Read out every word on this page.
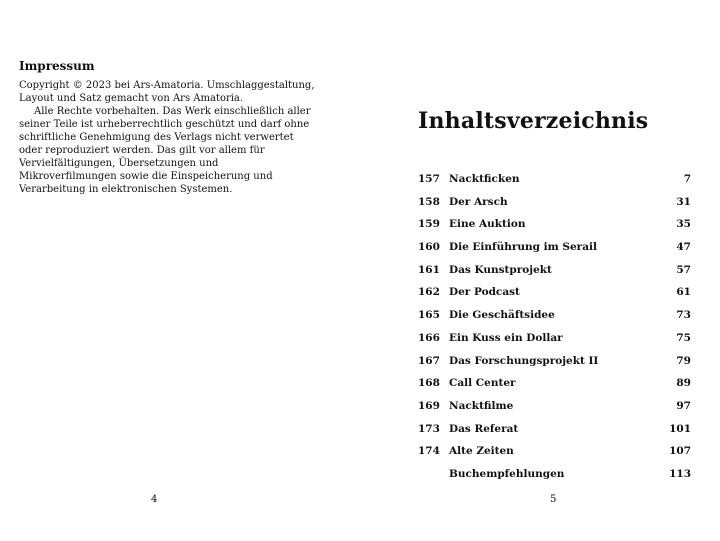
Impressum

Copyright © 2023 bei Ars-Amatoria. Umschlaggestaltung, Layout und Satz gemacht von Ars Amatoria.

Alle Rechte vorbehalten. Das Werk einschließlich aller seiner Teile ist urheberrechtlich geschützt und darf ohne schriftliche Genehmigung des Verlags nicht verwertet oder reproduziert werden. Das gilt vor allem für Vervielfältigungen, Übersetzungen und Mikroverfilmungen sowie die Einspeicherung und Verarbeitung in elektronischen Systemen.

4
Inhaltsverzeichnis
157 Nacktficken	7
158 Der Arsch	31
159 Eine Auktion	35
160 Die Einführung im Serail	47
161 Das Kunstprojekt	57
162 Der Podcast	61
165 Die Geschäftsidee	73
166 Ein Kuss ein Dollar	75
167 Das Forschungsprojekt II	79
168 Call Center	89
169 Nacktfilme	97
173 Das Referat	101
174 Alte Zeiten	107
Buchempfehlungen	113
5
